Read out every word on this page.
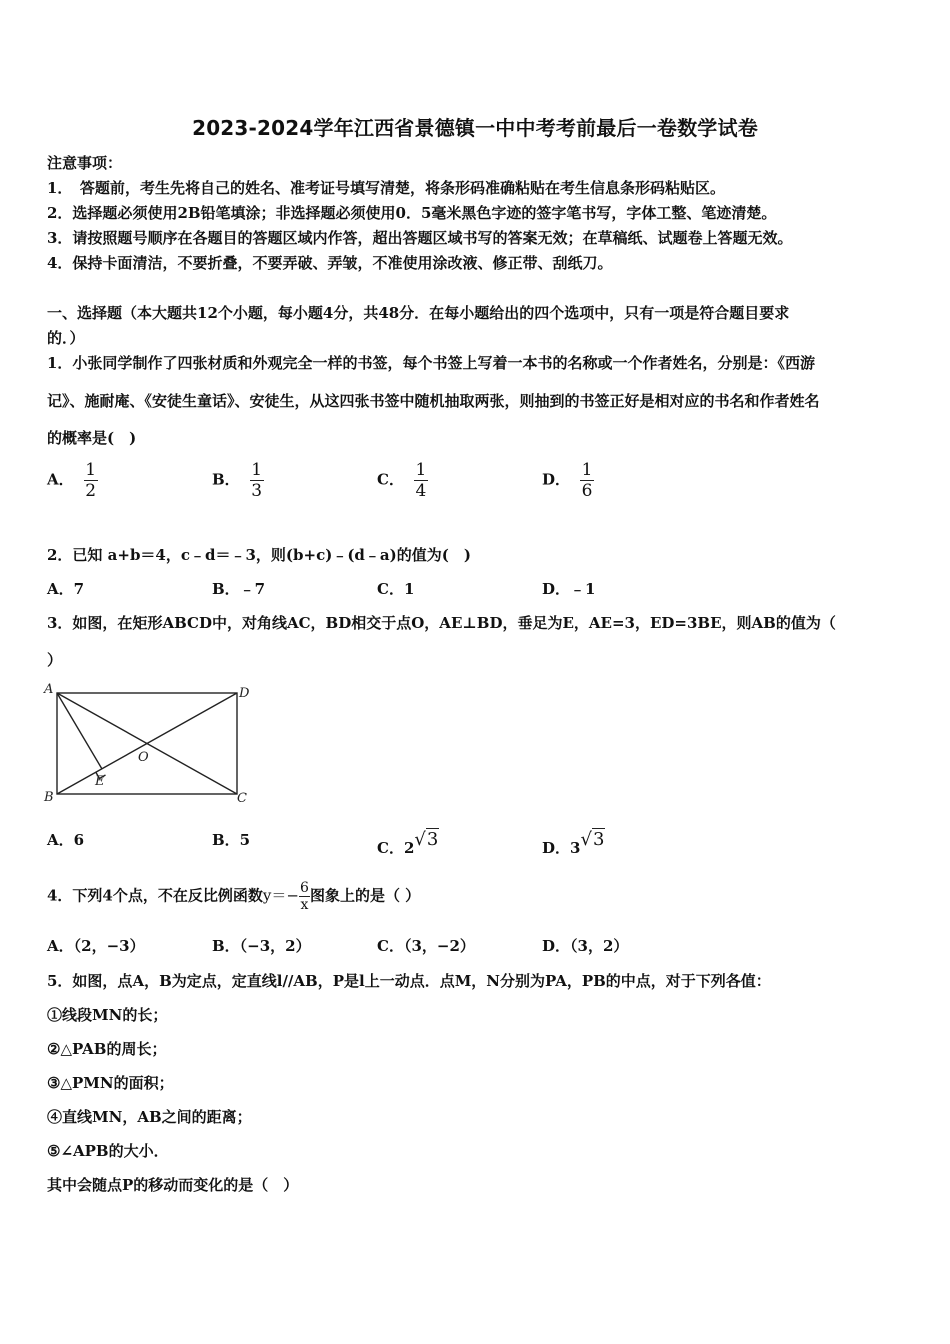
2023-2024学年江西省景德镇一中中考考前最后一卷数学试卷
注意事项：
1．　答题前，考生先将自己的姓名、准考证号填写清楚，将条形码准确粘贴在考生信息条形码粘贴区。
2．选择题必须使用2B铅笔填涂；非选择题必须使用0．5毫米黑色字迹的签字笔书写，字体工整、笔迹清楚。
3．请按照题号顺序在各题目的答题区域内作答，超出答题区域书写的答案无效；在草稿纸、试题卷上答题无效。
4．保持卡面清洁，不要折叠，不要弄破、弄皱，不准使用涂改液、修正带、刮纸刀。
一、选择题（本大题共12个小题，每小题4分，共48分．在每小题给出的四个选项中，只有一项是符合题目要求
的．）
1．小张同学制作了四张材质和外观完全一样的书签，每个书签上写着一本书的名称或一个作者姓名，分别是：《西游
记》、施耐庵、《安徒生童话》、安徒生，从这四张书签中随机抽取两张，则抽到的书签正好是相对应的书名和作者姓名
的概率是(　)
A． $\frac{1}{2}$	B． $\frac{1}{3}$	C． $\frac{1}{4}$	D． $\frac{1}{6}$
2．已知 a+b＝4，c﹣d＝﹣3，则(b+c)﹣(d﹣a)的值为(　)
A．7	B．﹣7	C．1	D．﹣1
3．如图，在矩形ABCD中，对角线AC，BD相交于点O，AE⊥BD，垂足为E，AE=3，ED=3BE，则AB的值为（
）
A	D
B	C
O
E
A．6	B．5	C．2√3	D．3√3
4．下列4个点，不在反比例函数$y=- \frac{6}{x}$ 图象上的是（ ）
A．（2，−3）	B．（−3，2）	C．（3，−2）	D．（3，2）
5．如图，点A，B为定点，定直线l//AB，P是l上一动点．点M，N分别为PA，PB的中点，对于下列各值：
①线段MN的长；
②△PAB的周长；
③△PMN的面积；
④直线MN，AB之间的距离；
⑤∠APB的大小．
其中会随点P的移动而变化的是（　）
